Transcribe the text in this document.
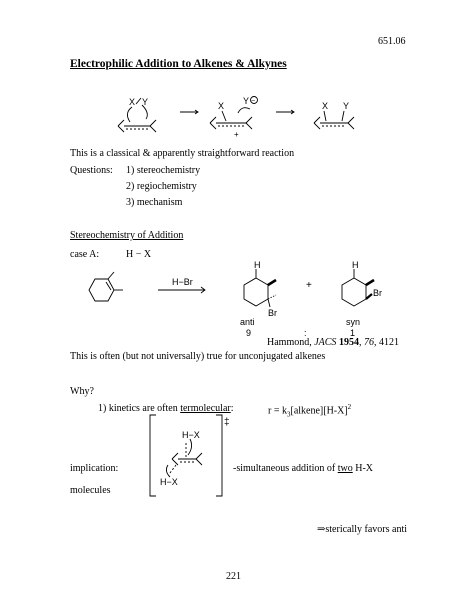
651.06
Electrophilic Addition to Alkenes & Alkynes
X Y	X Y −
+
X Y
This is a classical & apparently straightforward reaction
Questions: 1) stereochemistry
2) regiochemistry
3) mechanism
Stereochemistry of Addition
case A:	H − X
H−Br
H
Br
+
H
Br
anti	syn
9	:	1
Hammond, JACS 1954, 76, 4121
This is often (but not universally) true for unconjugated alkenes
Why?
1) kinetics are often termolecular:	$r = k_3[alkene][H-X]^2$
‡
H−X
H−X
implication:	-simultaneous addition of two H-X
molecules
⇒sterically favors anti
221
